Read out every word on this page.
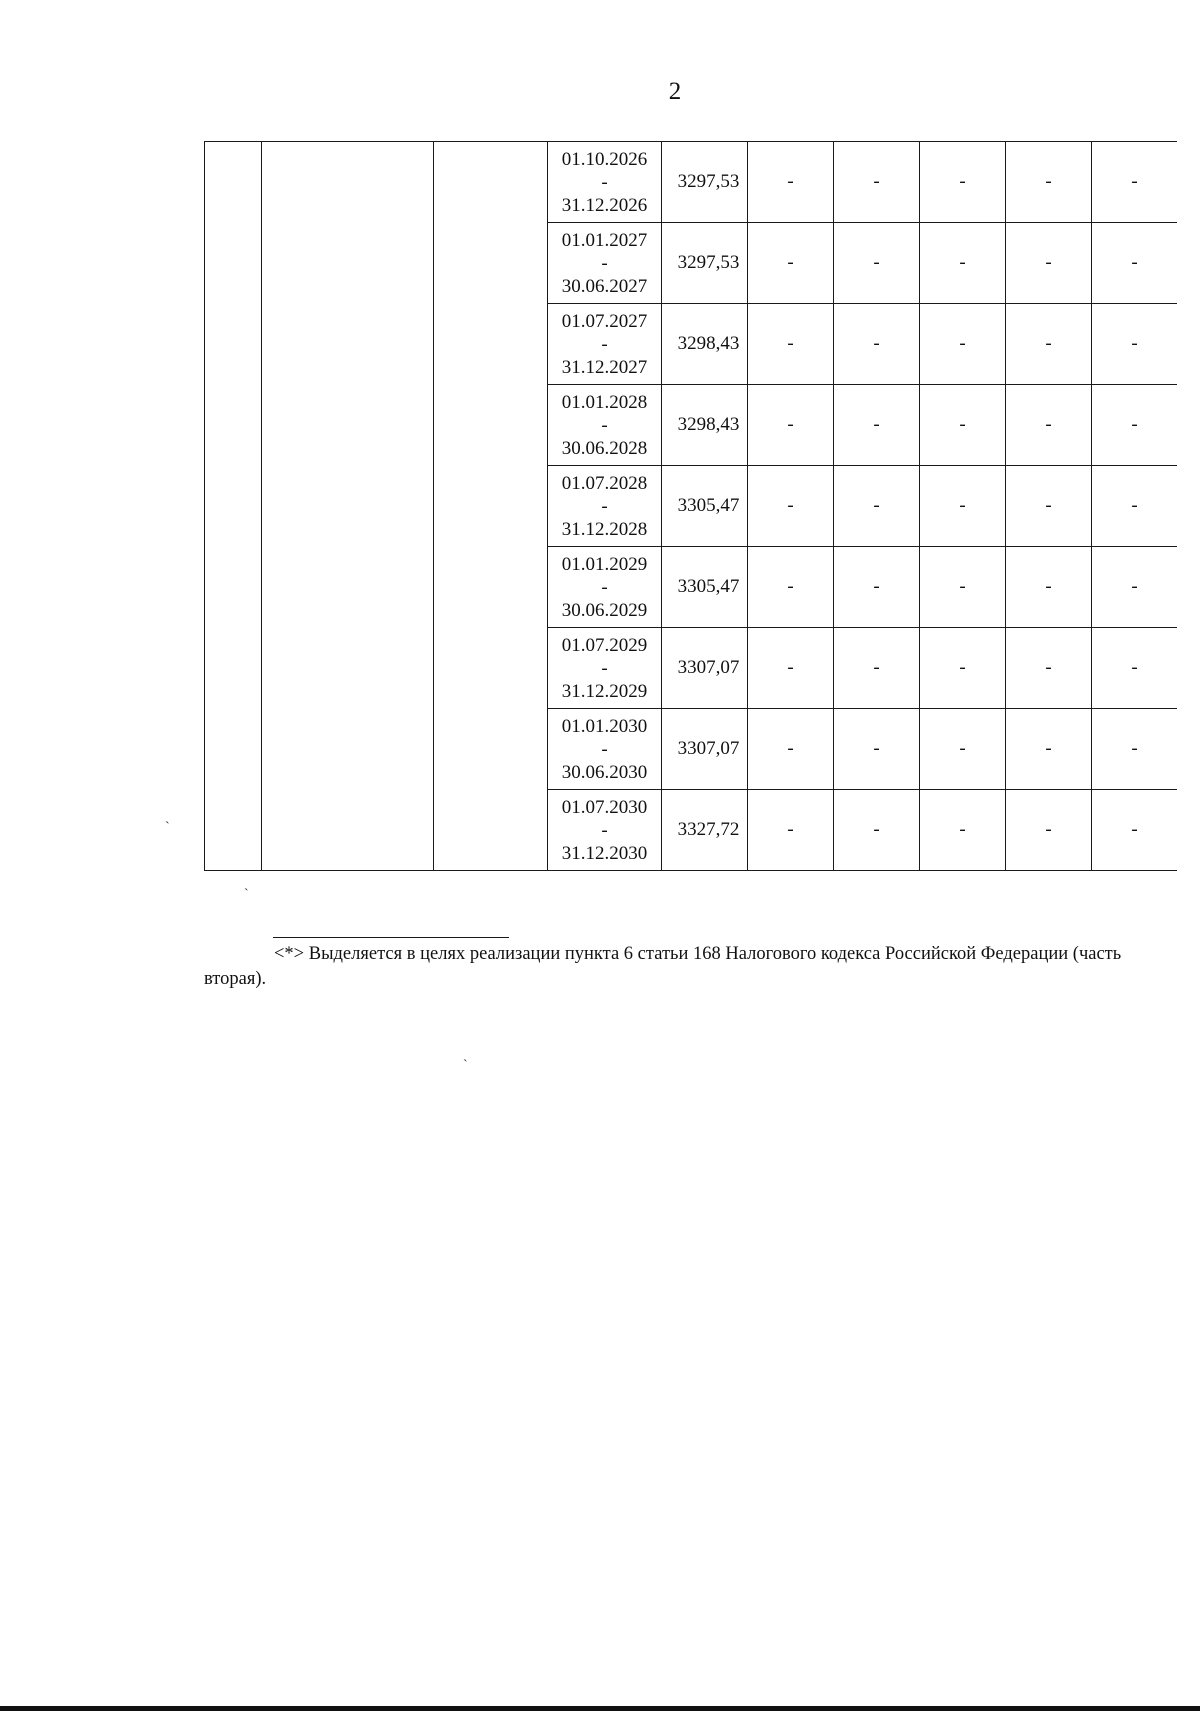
2

			01.10.2026
-
31.12.2026	3297,53	-	-	-	-	-

			01.01.2027
-
30.06.2027	3297,53	-	-	-	-	-

			01.07.2027
-
31.12.2027	3298,43	-	-	-	-	-

			01.01.2028
-
30.06.2028	3298,43	-	-	-	-	-

			01.07.2028
-
31.12.2028	3305,47	-	-	-	-	-

			01.01.2029
-
30.06.2029	3305,47	-	-	-	-	-

			01.07.2029
-
31.12.2029	3307,07	-	-	-	-	-

			01.01.2030
-
30.06.2030	3307,07	-	-	-	-	-

			01.07.2030
-
31.12.2030	3327,72	-	-	-	-	-
<*> Выделяется в целях реализации пункта 6 статьи 168 Налогового кодекса Российской Федерации (часть вторая).
`
`
`
